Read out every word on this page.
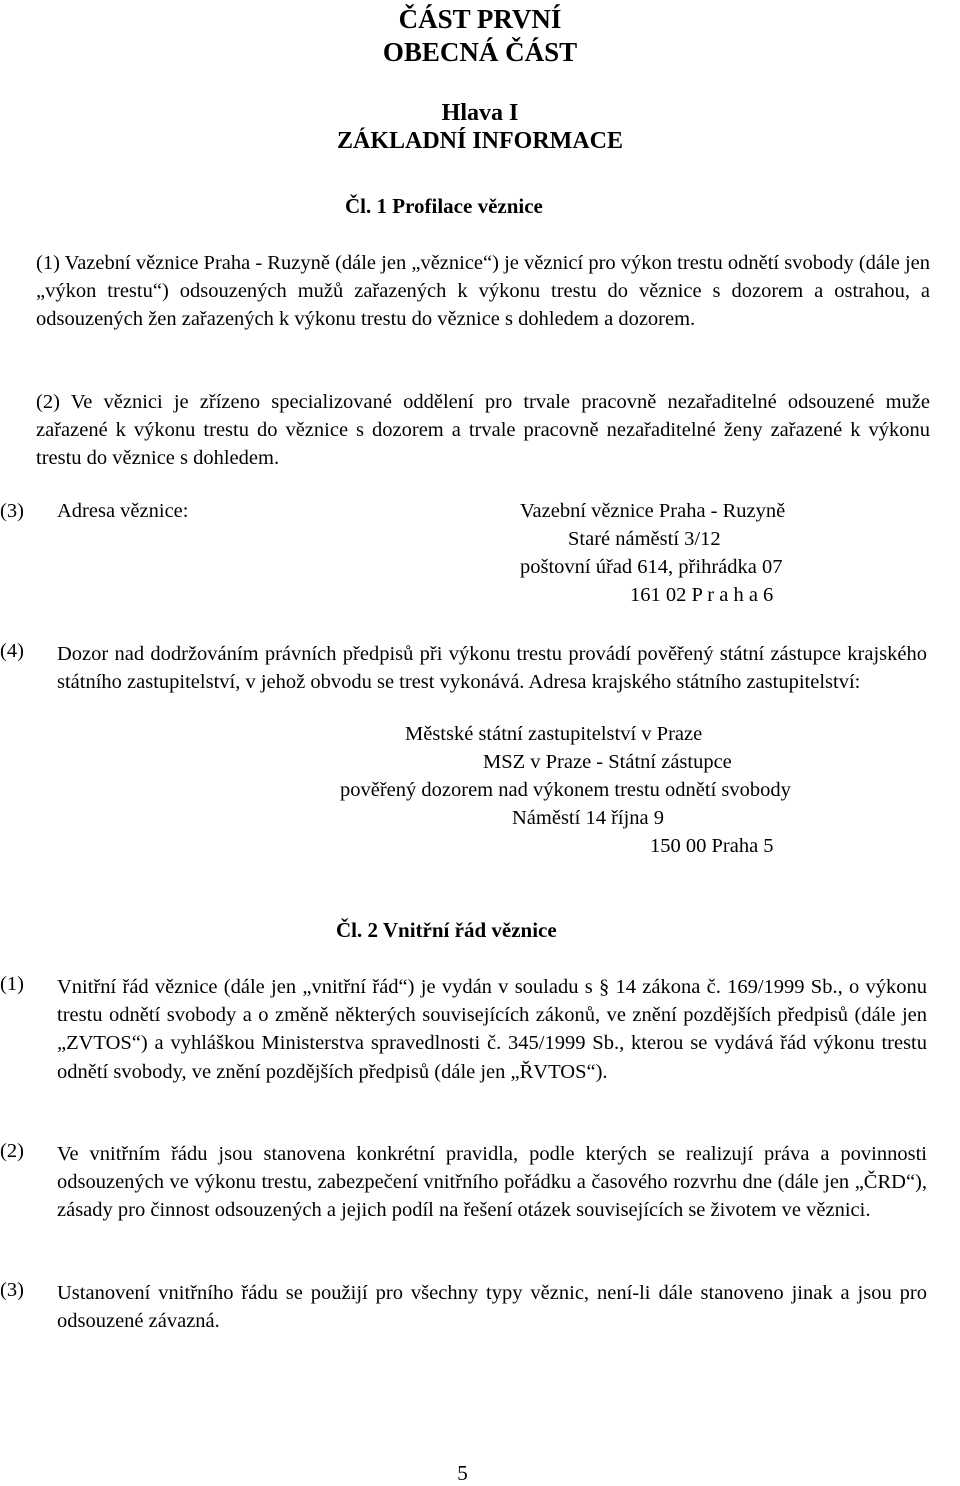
ČÁST PRVNÍ
OBECNÁ ČÁST
Hlava I
ZÁKLADNÍ INFORMACE
Čl. 1 Profilace věznice
(1) Vazební věznice Praha - Ruzyně (dále jen „věznice“) je věznicí pro výkon trestu odnětí svobody (dále jen „výkon trestu“) odsouzených mužů zařazených k výkonu trestu do věznice s dozorem a ostrahou, a odsouzených žen zařazených k výkonu trestu do věznice s dohledem a dozorem.
(2) Ve věznici je zřízeno specializované oddělení pro trvale pracovně nezařaditelné odsouzené muže zařazené k výkonu trestu do věznice s dozorem a trvale pracovně nezařaditelné ženy zařazené k výkonu trestu do věznice s dohledem.
(3) Adresa věznice:	Vazební věznice Praha - Ruzyně
Staré náměstí 3/12
poštovní úřad 614, přihrádka 07
161 02 P r a h a 6
(4) Dozor nad dodržováním právních předpisů při výkonu trestu provádí pověřený státní zástupce krajského státního zastupitelství, v jehož obvodu se trest vykonává. Adresa krajského státního zastupitelství:
Městské státní zastupitelství v Praze
MSZ v Praze - Státní zástupce
pověřený dozorem nad výkonem trestu odnětí svobody
Náměstí 14 října 9
150 00 Praha 5
Čl. 2 Vnitřní řád věznice
(1) Vnitřní řád věznice (dále jen „vnitřní řád“) je vydán v souladu s § 14 zákona č. 169/1999 Sb., o výkonu trestu odnětí svobody a o změně některých souvisejících zákonů, ve znění pozdějších předpisů (dále jen „ZVTOS“) a vyhláškou Ministerstva spravedlnosti č. 345/1999 Sb., kterou se vydává řád výkonu trestu odnětí svobody, ve znění pozdějších předpisů (dále jen „ŘVTOS“).
(2) Ve vnitřním řádu jsou stanovena konkrétní pravidla, podle kterých se realizují práva a povinnosti odsouzených ve výkonu trestu, zabezpečení vnitřního pořádku a časového rozvrhu dne (dále jen „ČRD“), zásady pro činnost odsouzených a jejich podíl na řešení otázek souvisejících se životem ve věznici.
(3) Ustanovení vnitřního řádu se použijí pro všechny typy věznic, není-li dále stanoveno jinak a jsou pro odsouzené závazná.
5
